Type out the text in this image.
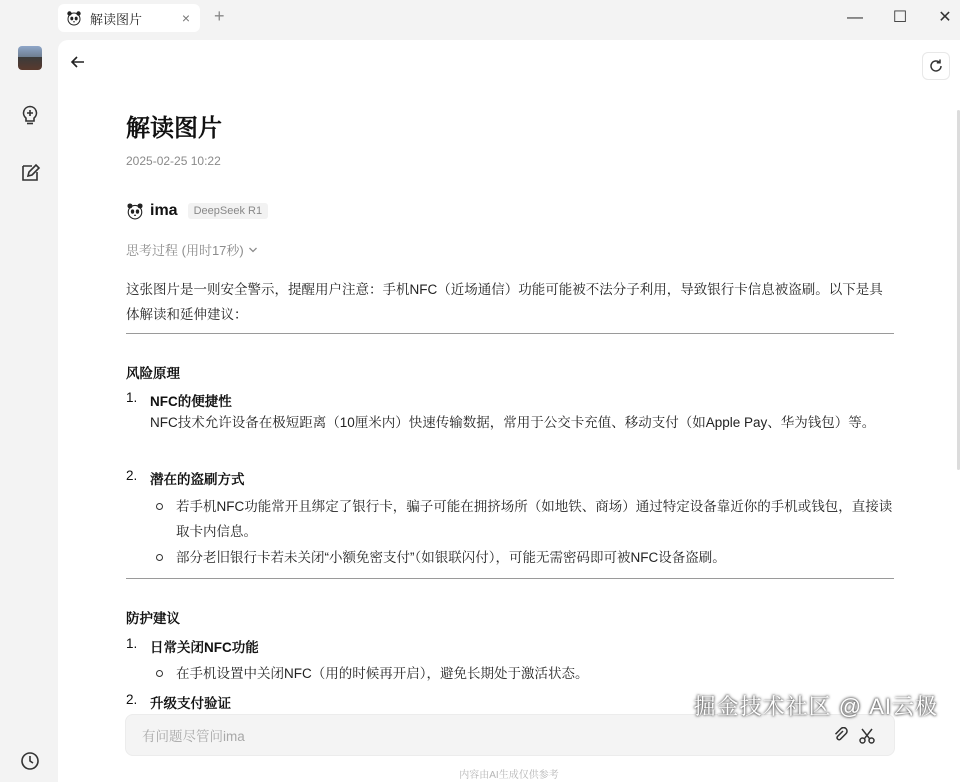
解读图片	× +	— ☐ ✕
解读图片
2025-02-25 10:22
ima	DeepSeek R1
思考过程 (用时17秒)
这张图片是一则安全警示，提醒用户注意：手机NFC（近场通信）功能可能被不法分子利用，导致银行卡信息被盗刷。以下是具体解读和延伸建议：
风险原理
1. NFC的便捷性
NFC技术允许设备在极短距离（10厘米内）快速传输数据，常用于公交卡充值、移动支付（如Apple Pay、华为钱包）等。
2. 潜在的盗刷方式
若手机NFC功能常开且绑定了银行卡，骗子可能在拥挤场所（如地铁、商场）通过特定设备靠近你的手机或钱包，直接读取卡内信息。
部分老旧银行卡若未关闭“小额免密支付”（如银联闪付），可能无需密码即可被NFC设备盗刷。
防护建议
1. 日常关闭NFC功能
在手机设置中关闭NFC（用的时候再开启），避免长期处于激活状态。
2. 升级支付验证
有问题尽管问ima
内容由AI生成仅供参考
掘金技术社区 @ AI云极
